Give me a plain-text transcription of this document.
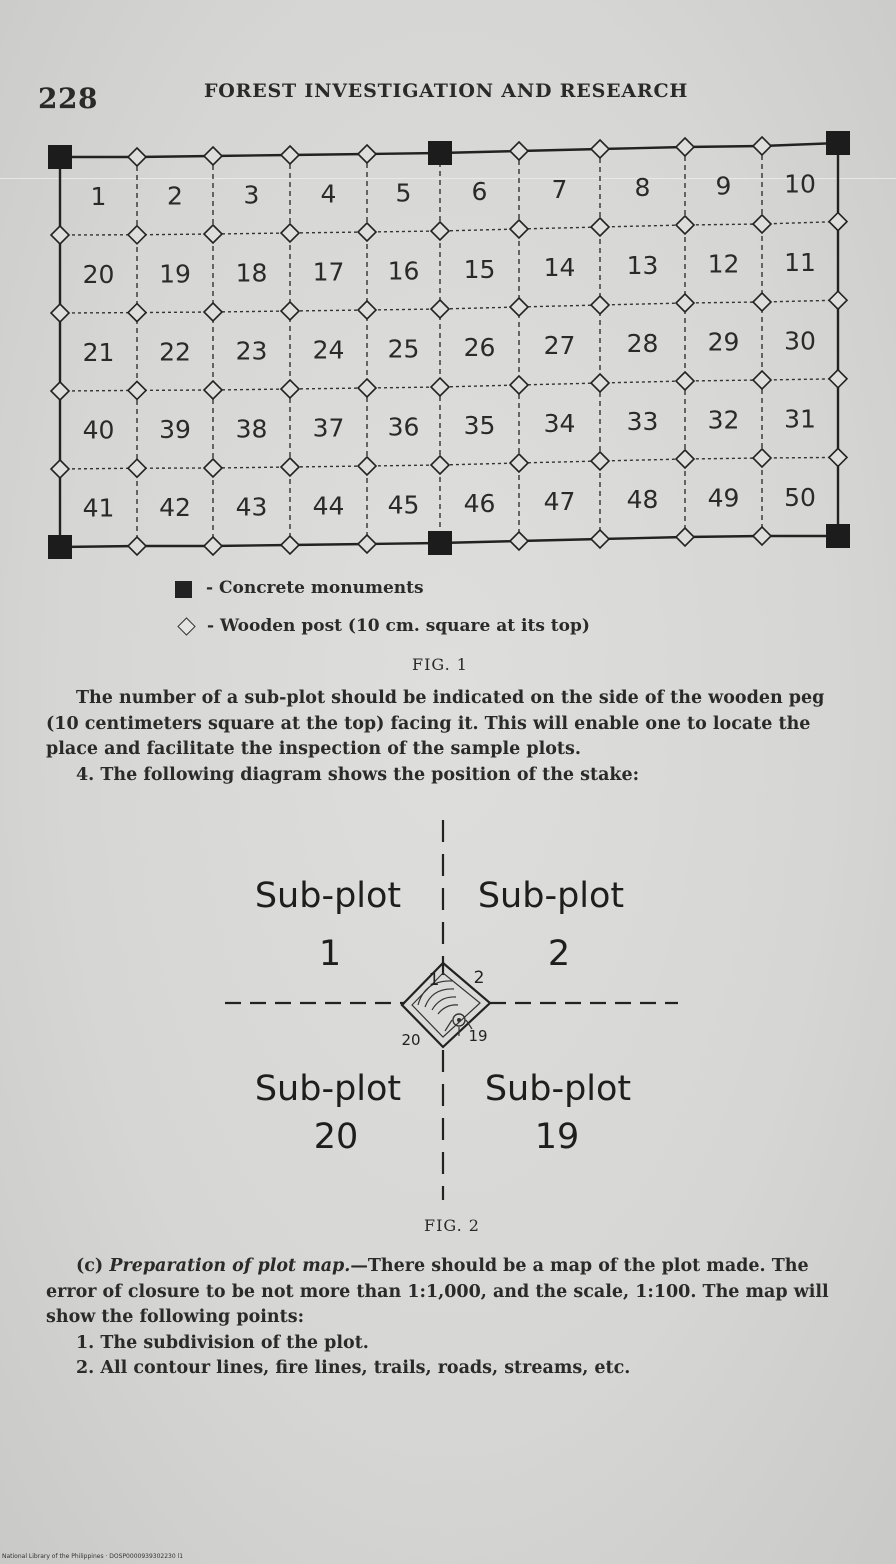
228	FOREST INVESTIGATION AND RESEARCH
1 2 3 4 5 6	7	8	9 10
20 19 18 17 16 15 14 13 12 11
21 22 23 24 25 26 27 28 29 30
40 39 38 37 36 35 34 33 32 31
41 42 43 44 45 46 47 48 49 50
- Concrete monuments
- Wooden post (10 cm. square at its top)
FIG. 1

The number of a sub-plot should be indicated on the side of the wooden peg (10 centimeters square at the top) facing it. This will enable one to locate the place and facilitate the inspection of the sample plots.

4. The following diagram shows the position of the stake:

1 2
20	19
Sub-plot
1
Sub-plot
2
Sub-plot
20
Sub-plot
19
FIG. 2

(c) Preparation of plot map.—There should be a map of the plot made. The error of closure to be not more than 1:1,000, and the scale, 1:100. The map will show the following points:

1. The subdivision of the plot.

2. All contour lines, fire lines, trails, roads, streams, etc.

National Library of the Philippines · DOSP0000939302230 l1
